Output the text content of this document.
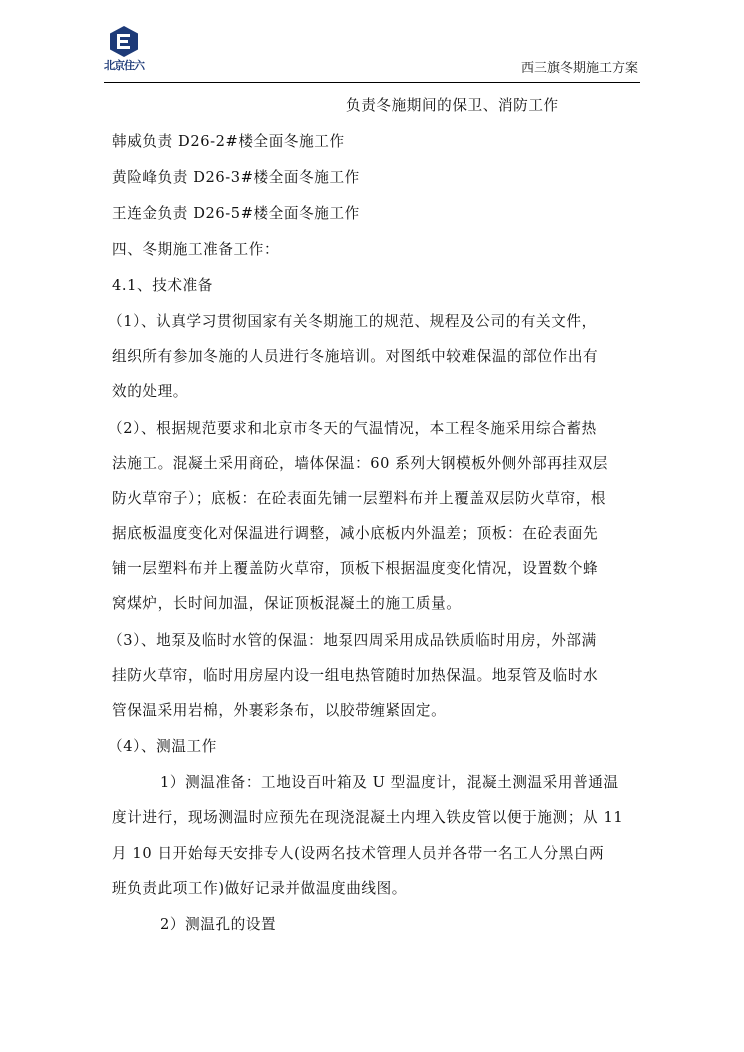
北京住六	西三旗冬期施工方案
负责冬施期间的保卫、消防工作
韩威负责 D26-2#楼全面冬施工作
黄险峰负责 D26-3#楼全面冬施工作
王连金负责 D26-5#楼全面冬施工作
四、冬期施工准备工作：
4.1、技术准备
（1）、认真学习贯彻国家有关冬期施工的规范、规程及公司的有关文件，
组织所有参加冬施的人员进行冬施培训。对图纸中较难保温的部位作出有
效的处理。
（2）、根据规范要求和北京市冬天的气温情况，本工程冬施采用综合蓄热
法施工。混凝土采用商砼，墙体保温：60 系列大钢模板外侧外部再挂双层
防火草帘子）；底板：在砼表面先铺一层塑料布并上覆盖双层防火草帘，根
据底板温度变化对保温进行调整，减小底板内外温差；顶板：在砼表面先
铺一层塑料布并上覆盖防火草帘，顶板下根据温度变化情况，设置数个蜂
窝煤炉，长时间加温，保证顶板混凝土的施工质量。
（3）、地泵及临时水管的保温：地泵四周采用成品铁质临时用房，外部满
挂防火草帘，临时用房屋内设一组电热管随时加热保温。地泵管及临时水
管保温采用岩棉，外裹彩条布，以胶带缠紧固定。
（4）、测温工作
1）测温准备：工地设百叶箱及 U 型温度计，混凝土测温采用普通温
度计进行，现场测温时应预先在现浇混凝土内埋入铁皮管以便于施测；从 11
月 10 日开始每天安排专人(设两名技术管理人员并各带一名工人分黑白两
班负责此项工作)做好记录并做温度曲线图。
2）测温孔的设置
